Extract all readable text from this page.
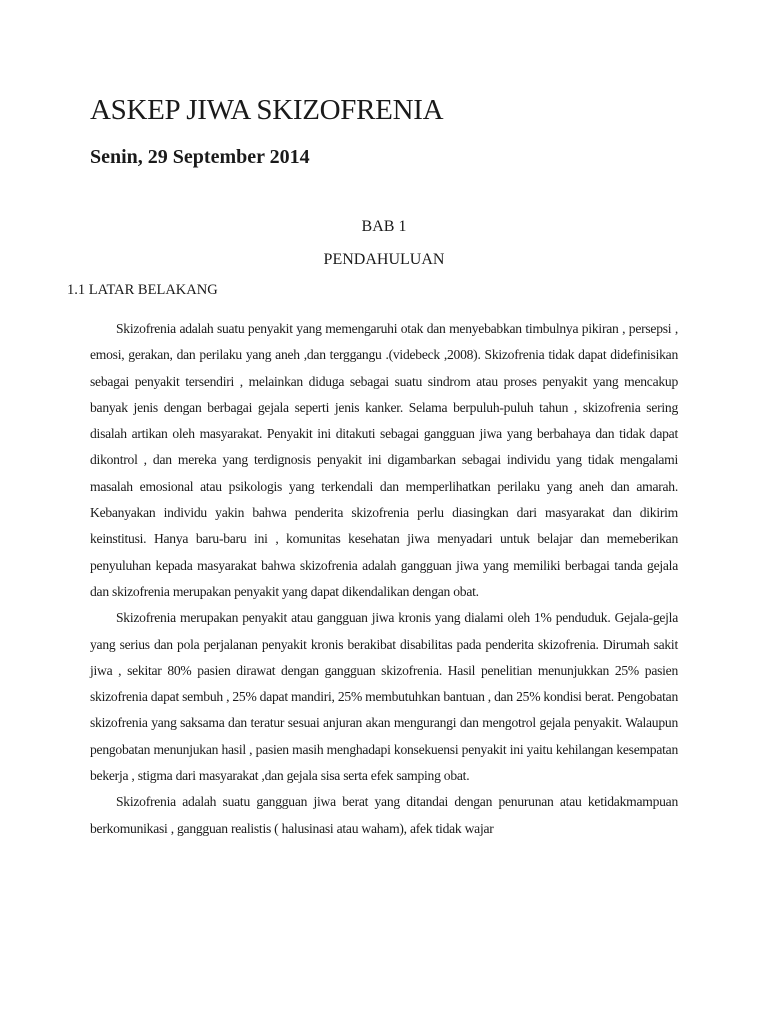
ASKEP JIWA SKIZOFRENIA
Senin, 29 September 2014

BAB 1

PENDAHULUAN

1.1 LATAR BELAKANG

Skizofrenia adalah suatu penyakit yang memengaruhi otak dan menyebabkan timbulnya pikiran , persepsi , emosi, gerakan, dan perilaku yang aneh ,dan terggangu .(videbeck ,2008). Skizofrenia tidak dapat didefinisikan sebagai penyakit tersendiri , melainkan diduga sebagai suatu sindrom atau proses penyakit yang mencakup banyak jenis dengan berbagai gejala seperti jenis kanker. Selama berpuluh-puluh tahun , skizofrenia sering disalah artikan oleh masyarakat. Penyakit ini ditakuti sebagai gangguan jiwa yang berbahaya dan tidak dapat dikontrol , dan mereka yang terdignosis penyakit ini digambarkan sebagai individu yang tidak mengalami masalah emosional atau psikologis yang terkendali dan memperlihatkan perilaku yang aneh dan amarah. Kebanyakan individu yakin bahwa penderita skizofrenia perlu diasingkan dari masyarakat dan dikirim keinstitusi. Hanya baru-baru ini , komunitas kesehatan jiwa menyadari untuk belajar dan memeberikan penyuluhan kepada masyarakat bahwa skizofrenia adalah gangguan jiwa yang memiliki berbagai tanda gejala dan skizofrenia merupakan penyakit yang dapat dikendalikan dengan obat.

Skizofrenia merupakan penyakit atau gangguan jiwa kronis yang dialami oleh 1% penduduk. Gejala-gejla yang serius dan pola perjalanan penyakit kronis berakibat disabilitas pada penderita skizofrenia. Dirumah sakit jiwa , sekitar 80% pasien dirawat dengan gangguan skizofrenia. Hasil penelitian menunjukkan 25% pasien skizofrenia dapat sembuh , 25% dapat mandiri, 25% membutuhkan bantuan , dan 25% kondisi berat. Pengobatan skizofrenia yang saksama dan teratur sesuai anjuran akan mengurangi dan mengotrol gejala penyakit. Walaupun pengobatan menunjukan hasil , pasien masih menghadapi konsekuensi penyakit ini yaitu kehilangan kesempatan bekerja , stigma dari masyarakat ,dan gejala sisa serta efek samping obat.

Skizofrenia adalah suatu gangguan jiwa berat yang ditandai dengan penurunan atau ketidakmampuan berkomunikasi , gangguan realistis ( halusinasi atau waham), afek tidak wajar
